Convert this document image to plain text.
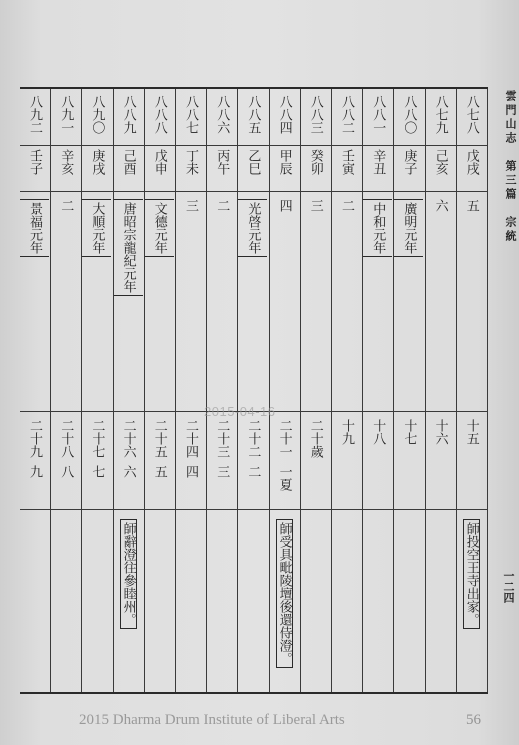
雲門山志　第三篇　宗統
一二四
八七八
戊戌
五
十五
師投空王寺出家。
八七九
己亥
六
十六
八八〇
庚子
廣明元年
十七
八八一
辛丑
中和元年
十八
八八二
壬寅
二
十九
八八三
癸卯
三
二十歲
八八四
甲辰
四
二十一
一夏
師受具毗陵壇後還侍澄。
八八五
乙巳
光啓元年
二十二
二
八八六
丙午
二
二十三
三
八八七
丁未
三
二十四
四
八八八
戊申
文德元年
二十五
五
八八九
己酉
唐昭宗龍紀元年
二十六
六
師辭澄往參睦州。
八九〇
庚戌
大順元年
二十七
七
八九一
辛亥
二
二十八
八
八九二
壬子
景福元年
二十九
九
2015-04-16
2015 Dharma Drum Institute of Liberal Arts	56
